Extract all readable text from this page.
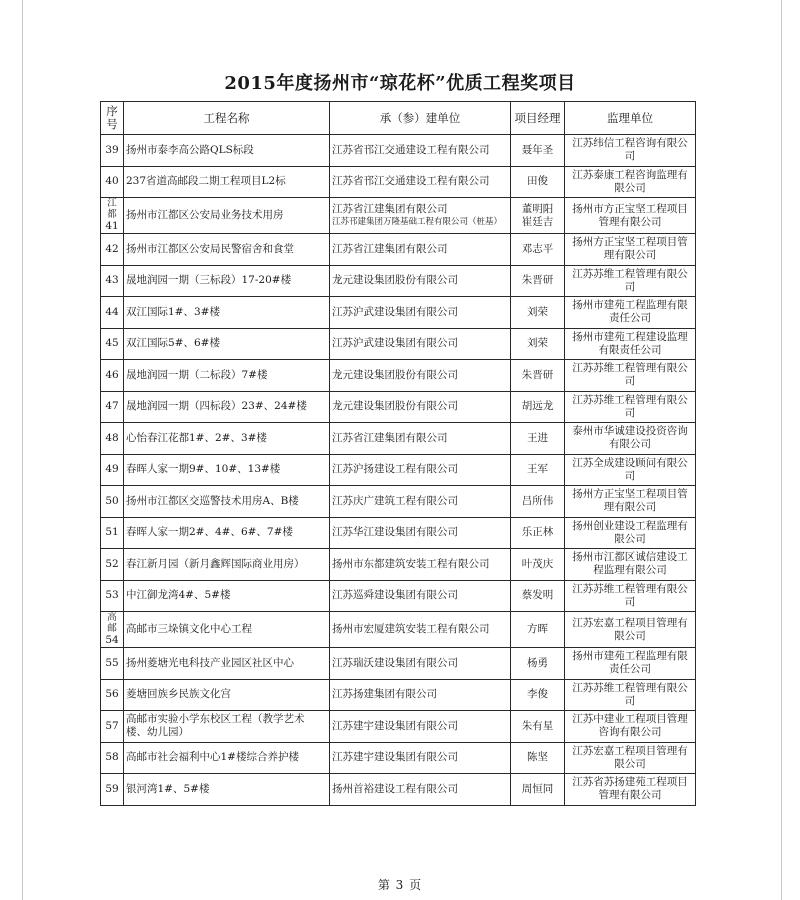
2015年度扬州市“琼花杯”优质工程奖项目
序号	工程名称	承（参）建单位	项目经理	监理单位
39	扬州市泰李高公路QLS标段	江苏省邗江交通建设工程有限公司	聂年圣	江苏纬信工程咨询有限公
司

40	237省道高邮段二期工程项目L2标	江苏省邗江交通建设工程有限公司	田俊	江苏泰康工程咨询监理有
限公司

江都
41	扬州市江都区公安局业务技术用房	江苏省江建集团有限公司
江苏邗建集团万隆基础工程有限公司（桩基）	董明阳
崔廷吉	扬州市方正宝坚工程项目
管理有限公司

42	扬州市江都区公安局民警宿舍和食堂	江苏省江建集团有限公司	邓志平	扬州方正宝坚工程项目管
理有限公司

43	晟地润园一期（三标段）17-20#楼	龙元建设集团股份有限公司	朱晋研	江苏苏维工程管理有限公
司

44	双江国际1#、3#楼	江苏沪武建设集团有限公司	刘荣	扬州市建苑工程监理有限
责任公司

45	双江国际5#、6#楼	江苏沪武建设集团有限公司	刘荣	扬州市建苑工程建设监理
有限责任公司

46	晟地润园一期（二标段）7#楼	龙元建设集团股份有限公司	朱晋研	江苏苏维工程管理有限公
司

47	晟地润园一期（四标段）23#、24#楼	龙元建设集团股份有限公司	胡远龙	江苏苏维工程管理有限公
司

48	心怡春江花都1#、2#、3#楼	江苏省江建集团有限公司	王进	泰州市华诚建设投资咨询
有限公司

49	春晖人家一期9#、10#、13#楼	江苏沪扬建设工程有限公司	王军	江苏全成建设顾问有限公
司

50	扬州市江都区交巡警技术用房A、B楼	江苏庆广建筑工程有限公司	吕所伟	扬州方正宝坚工程项目管
理有限公司

51	春晖人家一期2#、4#、6#、7#楼	江苏华江建设集团有限公司	乐正林	扬州创业建设工程监理有
限公司

52	春江新月园（新月鑫辉国际商业用房）	扬州市东都建筑安装工程有限公司	叶茂庆	扬州市江都区诚信建设工
程监理有限公司

53	中江御龙湾4#、5#楼	江苏巡舜建设集团有限公司	蔡发明	江苏苏维工程管理有限公
司

高邮
54	高邮市三垛镇文化中心工程	扬州市宏厦建筑安装工程有限公司	方晖	江苏宏嘉工程项目管理有
限公司

55	扬州菱塘光电科技产业园区社区中心	江苏瑞沃建设集团有限公司	杨勇	扬州市建苑工程监理有限
责任公司

56	菱塘回族乡民族文化宫	江苏扬建集团有限公司	李俊	江苏苏维工程管理有限公
司

57	高邮市实验小学东校区工程（教学艺术
楼、幼儿园）	江苏建宇建设集团有限公司	朱有星	江苏中建业工程项目管理
咨询有限公司

58	高邮市社会福利中心1#楼综合养护楼	江苏建宇建设集团有限公司	陈坚	江苏宏嘉工程项目管理有
限公司

59	银河湾1#、5#楼	扬州首裕建设工程有限公司	周恒同	江苏省苏扬建苑工程项目
管理有限公司
第 3 页
